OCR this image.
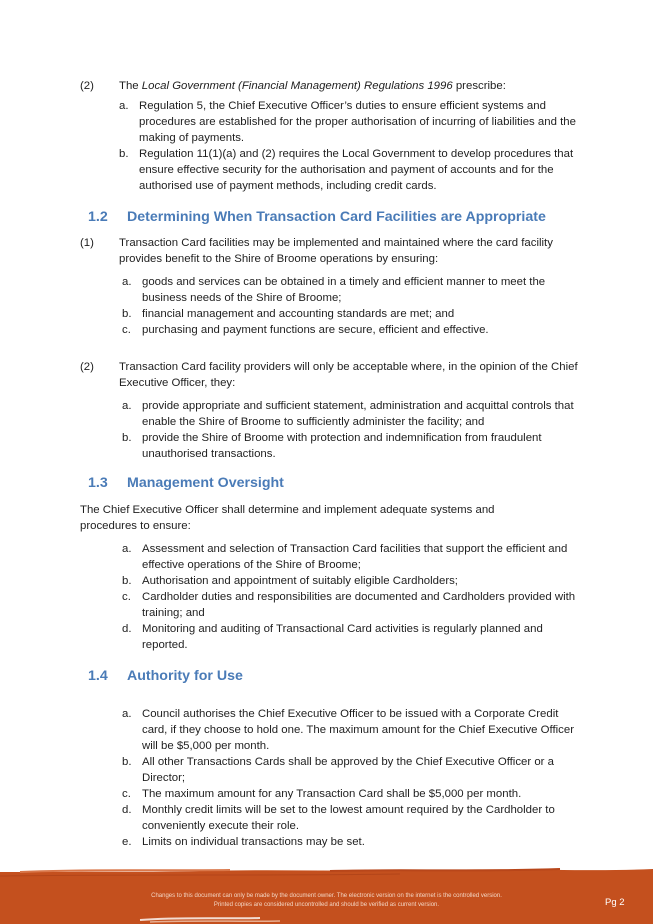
(2) The Local Government (Financial Management) Regulations 1996 prescribe:
a. Regulation 5, the Chief Executive Officer’s duties to ensure efficient systems and procedures are established for the proper authorisation of incurring of liabilities and the making of payments.
b. Regulation 11(1)(a) and (2) requires the Local Government to develop procedures that ensure effective security for the authorisation and payment of accounts and for the authorised use of payment methods, including credit cards.
1.2 Determining When Transaction Card Facilities are Appropriate
(1) Transaction Card facilities may be implemented and maintained where the card facility provides benefit to the Shire of Broome operations by ensuring:
a. goods and services can be obtained in a timely and efficient manner to meet the business needs of the Shire of Broome;
b. financial management and accounting standards are met; and
c. purchasing and payment functions are secure, efficient and effective.
(2) Transaction Card facility providers will only be acceptable where, in the opinion of the Chief Executive Officer, they:
a. provide appropriate and sufficient statement, administration and acquittal controls that enable the Shire of Broome to sufficiently administer the facility; and
b. provide the Shire of Broome with protection and indemnification from fraudulent unauthorised transactions.
1.3 Management Oversight
The Chief Executive Officer shall determine and implement adequate systems and procedures to ensure:
a. Assessment and selection of Transaction Card facilities that support the efficient and effective operations of the Shire of Broome;
b. Authorisation and appointment of suitably eligible Cardholders;
c. Cardholder duties and responsibilities are documented and Cardholders provided with training; and
d. Monitoring and auditing of Transactional Card activities is regularly planned and reported.
1.4 Authority for Use
a. Council authorises the Chief Executive Officer to be issued with a Corporate Credit card, if they choose to hold one. The maximum amount for the Chief Executive Officer will be $5,000 per month.
b. All other Transactions Cards shall be approved by the Chief Executive Officer or a Director;
c. The maximum amount for any Transaction Card shall be $5,000 per month.
d. Monthly credit limits will be set to the lowest amount required by the Cardholder to conveniently execute their role.
e. Limits on individual transactions may be set.
Changes to this document can only be made by the document owner. The electronic version on the internet is the controlled version.
Printed copies are considered uncontrolled and should be verified as current version.	Pg 2
